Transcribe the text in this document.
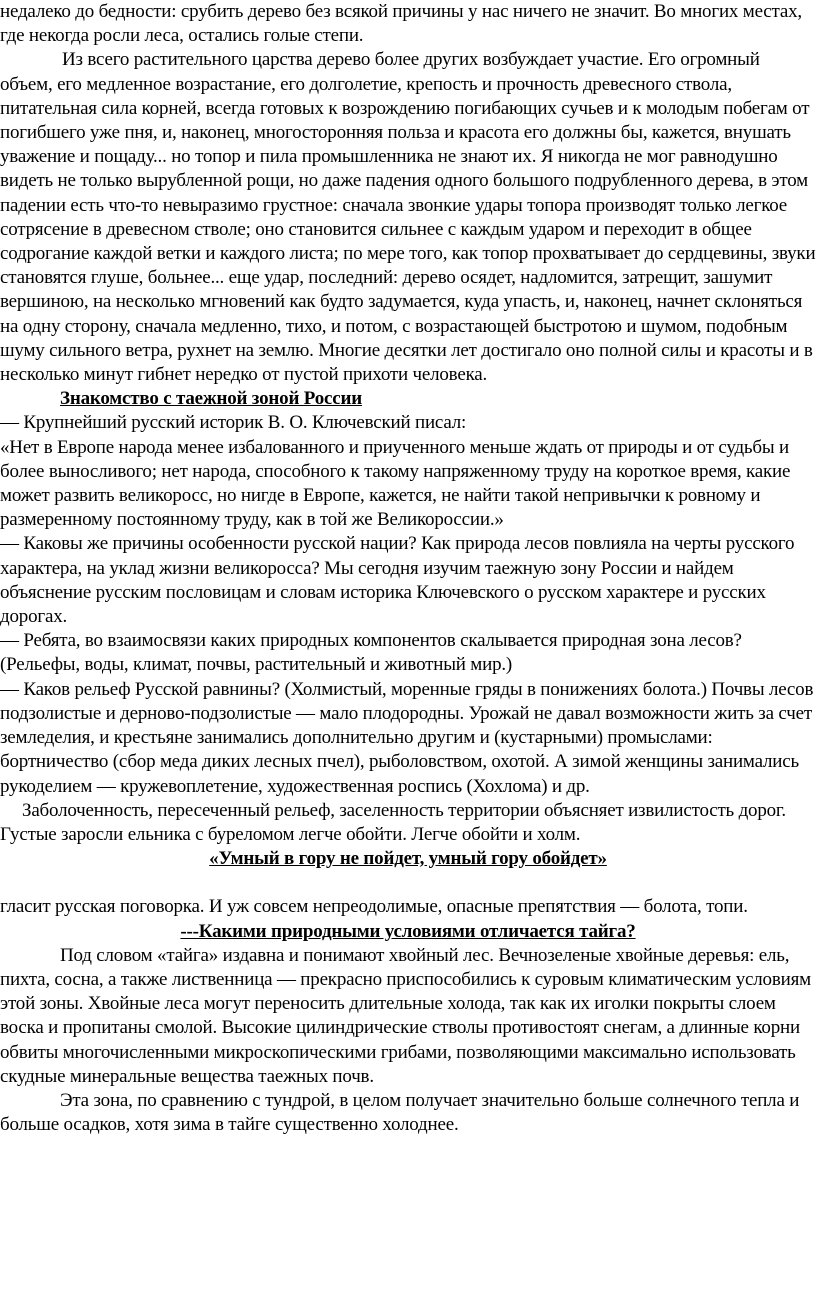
недалеко до бедности: срубить дерево без всякой причины у нас ничего не значит. Во многих местах, где некогда росли леса, остались голые степи.

Из всего растительного царства дерево более других возбуждает участие. Его огромный объем, его медленное возрастание, его долголетие, крепость и прочность древесного ствола, питательная сила корней, всегда готовых к возрождению погибающих сучьев и к молодым побегам от погибшего уже пня, и, наконец, многосторонняя польза и красота его должны бы, кажется, внушать уважение и пощаду... но топор и пила промышленника не знают их. Я никогда не мог равнодушно видеть не только вырубленной рощи, но даже падения одного большого подрубленного дерева, в этом падении есть что-то невыразимо грустное: сначала звонкие удары топора производят только легкое сотрясение в древесном стволе; оно становится сильнее с каждым ударом и переходит в общее содрогание каждой ветки и каждого листа; по мере того, как топор прохватывает до сердцевины, звуки становятся глуше, больнее... еще удар, последний: дерево осядет, надломится, затрещит, зашумит вершиною, на несколько мгновений как будто задумается, куда упасть, и, наконец, начнет склоняться на одну сторону, сначала медленно, тихо, и потом, с возрастающей быстротою и шумом, подобным шуму сильного ветра, рухнет на землю. Многие десятки лет достигало оно полной силы и красоты и в несколько минут гибнет нередко от пустой прихоти человека.

Знакомство с таежной зоной России

— Крупнейший русский историк В. О. Ключевский писал:

«Нет в Европе народа менее избалованного и приученного меньше ждать от природы и от судьбы и более выносливого; нет народа, способного к такому напряженному труду на короткое время, какие может развить великоросс, но нигде в Европе, кажется, не найти такой непривычки к ровному и размеренному постоянному труду, как в той же Великороссии.»

— Каковы же причины особенности русской нации? Как природа лесов повлияла на черты русского характера, на уклад жизни великоросса? Мы сегодня изучим таежную зону России и найдем объяснение русским пословицам и словам историка Ключевского о русском характере и русских дорогах.

— Ребята, во взаимосвязи каких природных компонентов скалывается природная зона лесов? (Рельефы, воды, климат, почвы, растительный и животный мир.)

— Каков рельеф Русской равнины? (Холмистый, моренные гряды в понижениях болота.) Почвы лесов подзолистые и дерново-подзолистые — мало плодородны. Урожай не давал возможности жить за счет земледелия, и крестьяне занимались дополнительно другим и (кустарными) промыслами: бортничество (сбор меда диких лесных пчел), рыболовством, охотой. А зимой женщины занимались рукоделием — кружевоплетение, художественная роспись (Хохлома) и др.

Заболоченность, пересеченный рельеф, заселенность территории объясняет извилистость дорог. Густые заросли ельника с буреломом легче обойти. Легче обойти и холм.

«Умный в гору не пойдет, умный гору обойдет»

гласит русская поговорка. И уж совсем непреодолимые, опасные препятствия — болота, топи.

---Какими природными условиями отличается тайга?

Под словом «тайга» издавна и понимают хвойный лес. Вечнозеленые хвойные деревья: ель, пихта, сосна, а также лиственница — прекрасно приспособились к суровым климатическим условиям этой зоны. Хвойные леса могут переносить длительные холода, так как их иголки покрыты слоем воска и пропитаны смолой. Высокие цилиндрические стволы противостоят снегам, а длинные корни обвиты многочисленными микроскопическими грибами, позволяющими максимально использовать скудные минеральные вещества таежных почв.

Эта зона, по сравнению с тундрой, в целом получает значительно больше солнечного тепла и больше осадков, хотя зима в тайге существенно холоднее.
